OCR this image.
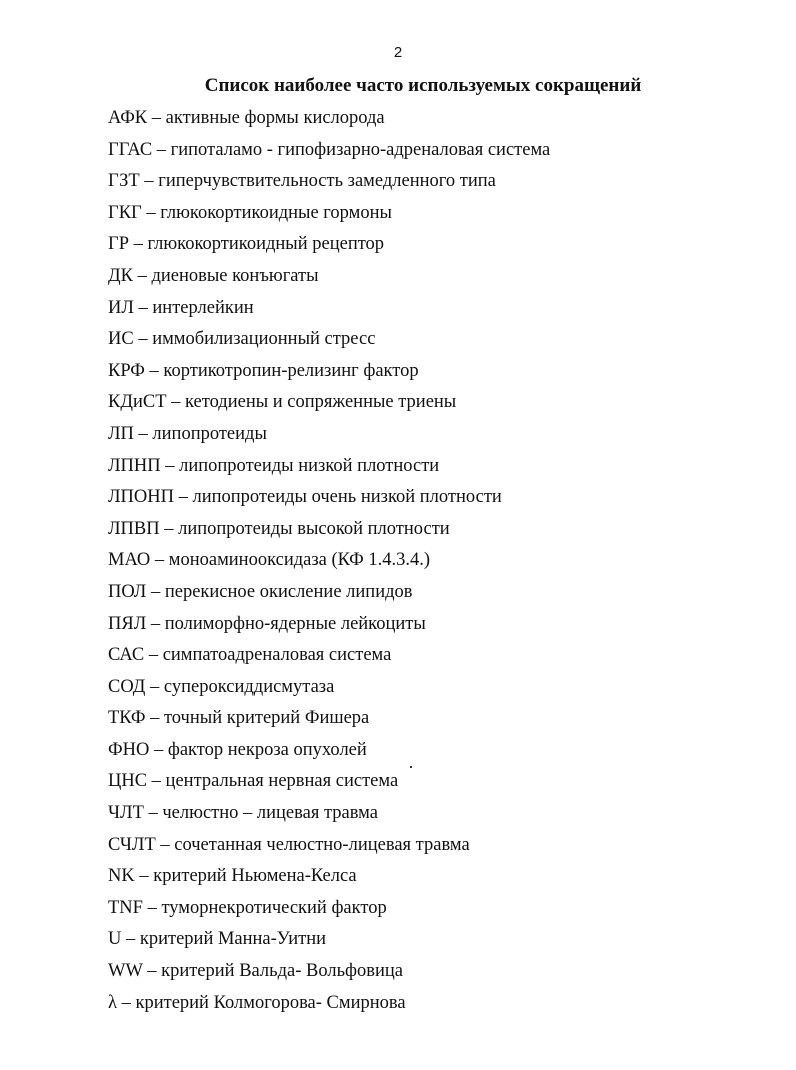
2
Список наиболее часто используемых сокращений
АФК – активные формы кислорода
ГГАС – гипоталамо - гипофизарно-адреналовая система
ГЗТ – гиперчувствительность замедленного типа
ГКГ – глюкокортикоидные гормоны
ГР – глюкокортикоидный рецептор
ДК – диеновые конъюгаты
ИЛ – интерлейкин
ИС – иммобилизационный стресс
КРФ – кортикотропин-релизинг фактор
КДиСТ – кетодиены и сопряженные триены
ЛП – липопротеиды
ЛПНП – липопротеиды низкой плотности
ЛПОНП – липопротеиды очень низкой плотности
ЛПВП – липопротеиды высокой плотности
МАО – моноаминооксидаза (КФ 1.4.3.4.)
ПОЛ – перекисное окисление липидов
ПЯЛ – полиморфно-ядерные лейкоциты
САС – симпатоадреналовая система
СОД – супероксиддисмутаза
ТКФ – точный критерий Фишера
ФНО – фактор некроза опухолей
ЦНС – центральная нервная система
ЧЛТ – челюстно – лицевая травма
СЧЛТ – сочетанная челюстно-лицевая травма
NK – критерий Ньюмена-Келса
TNF – туморнекротический фактор
U – критерий Манна-Уитни
WW – критерий Вальда- Вольфовица
λ – критерий Колмогорова- Смирнова
